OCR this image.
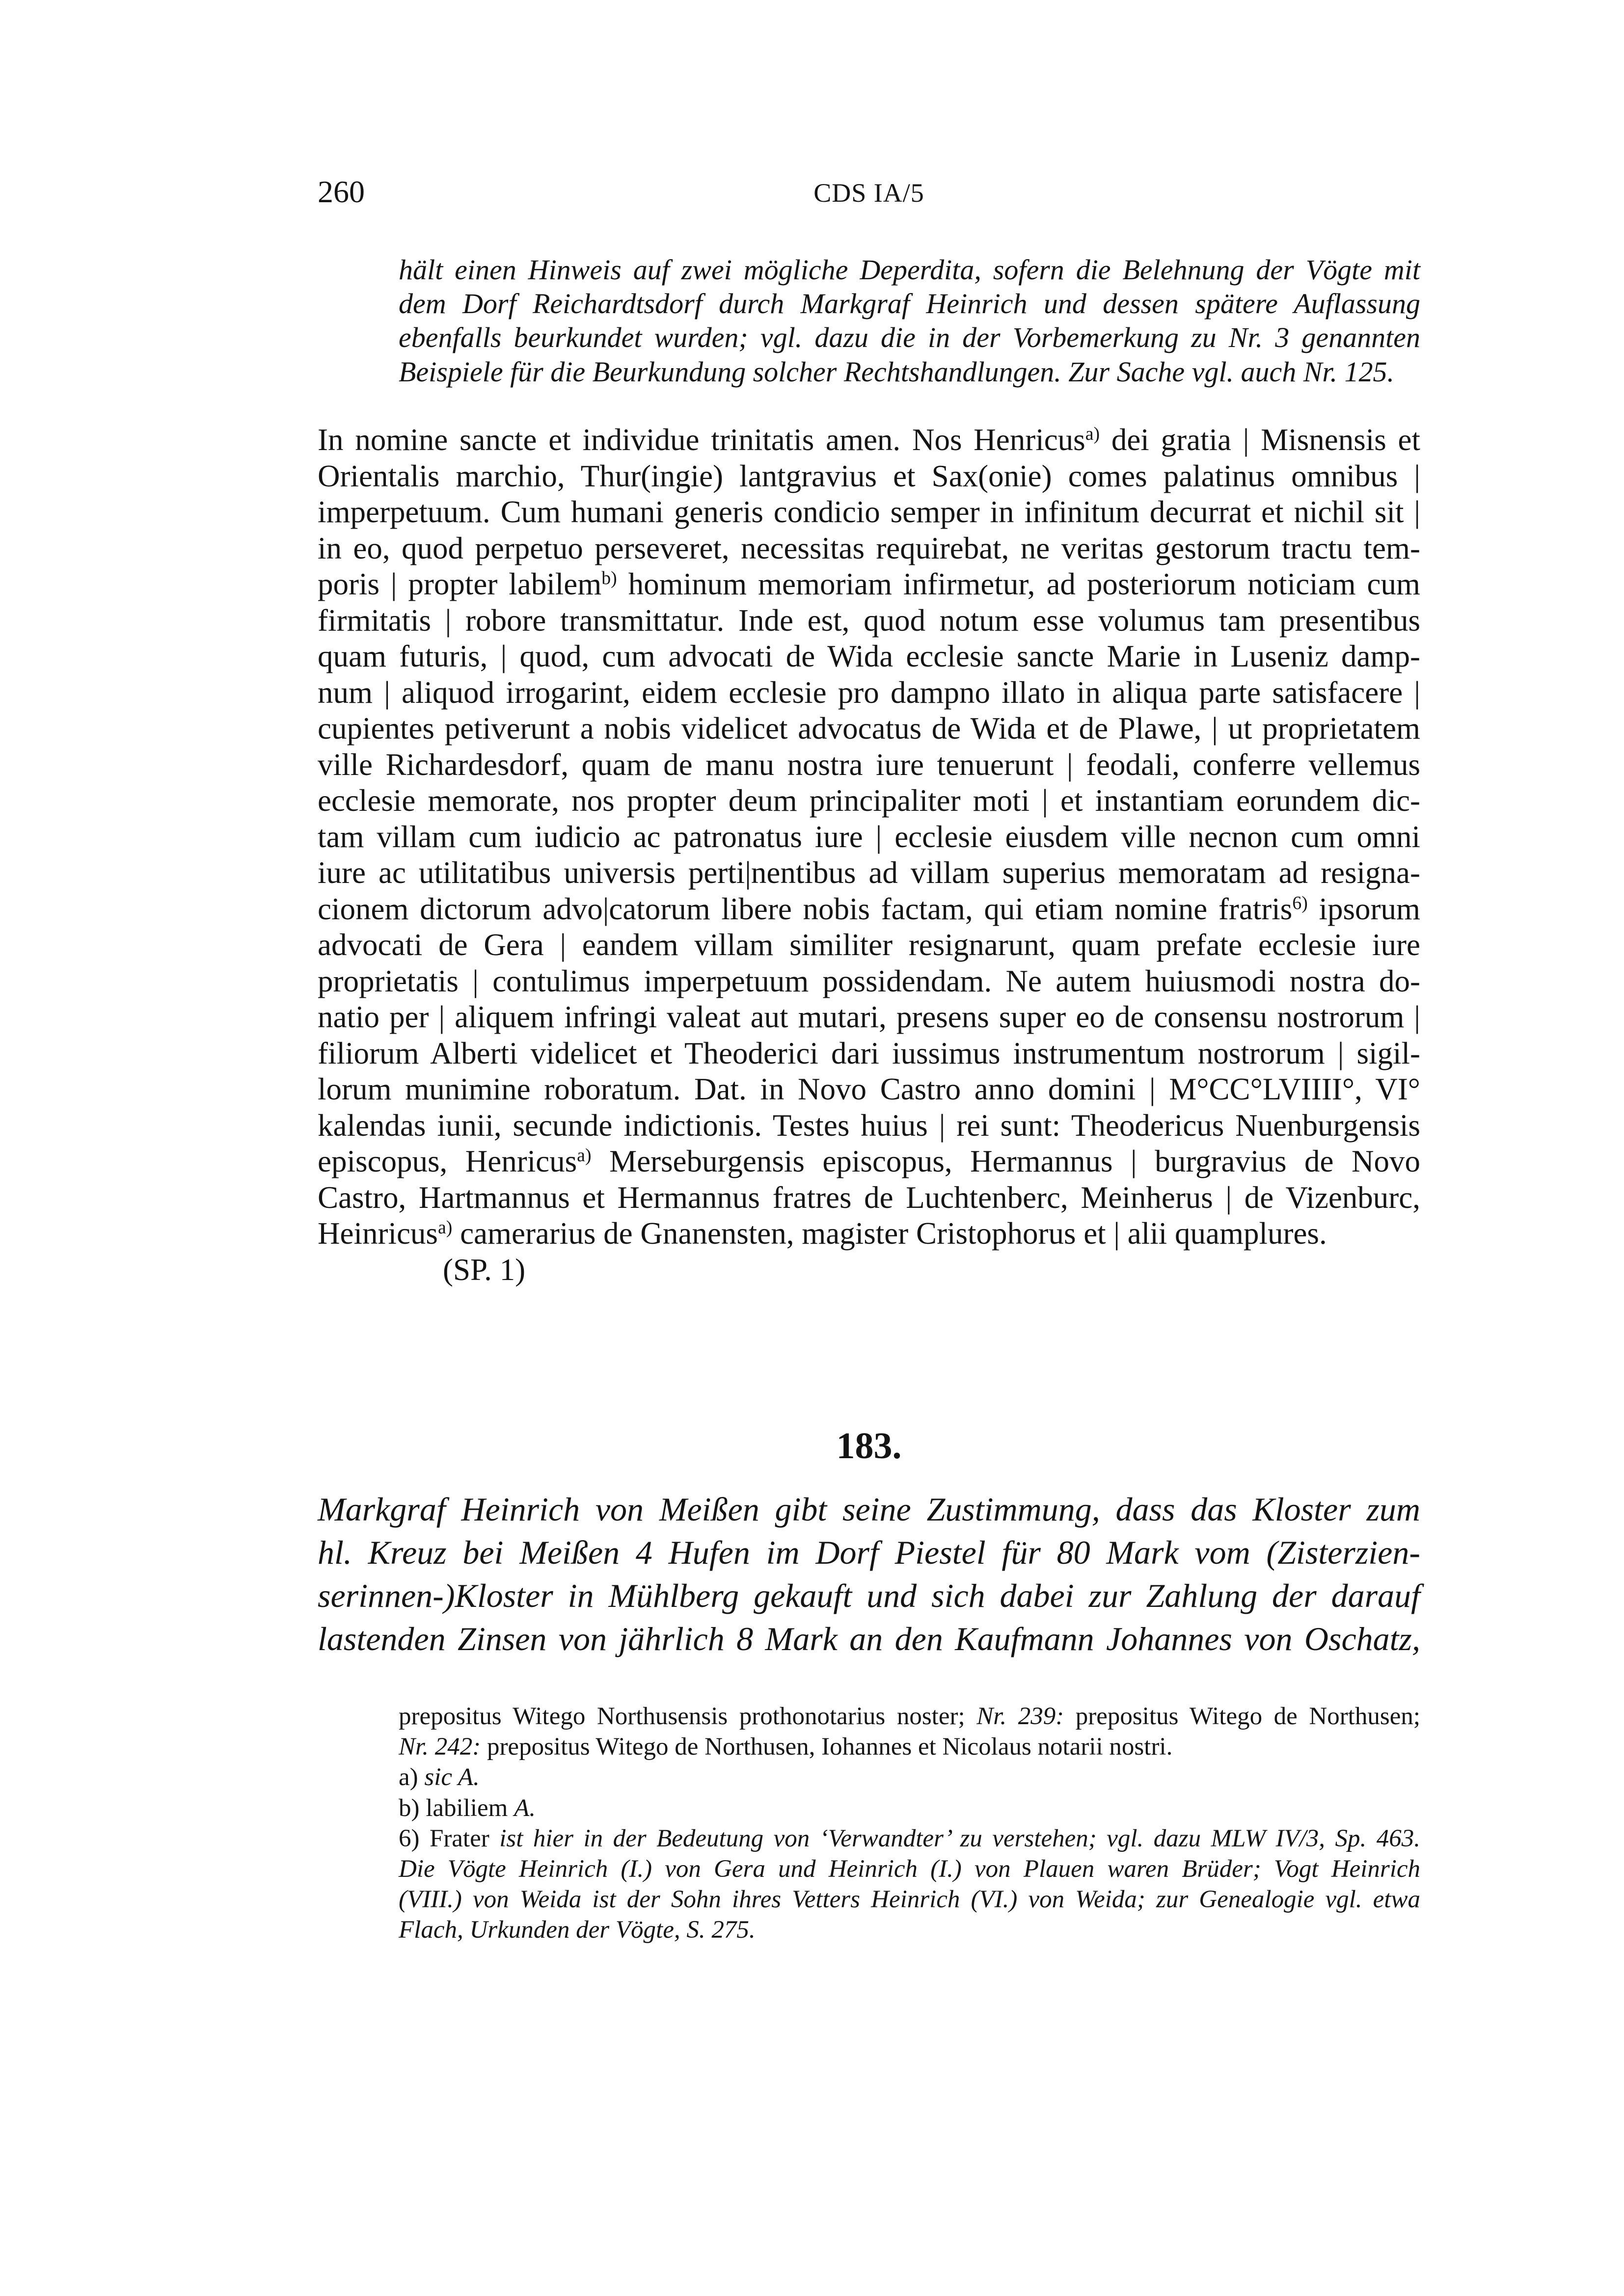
260	CDS IA/5
hält einen Hinweis auf zwei mögliche Deperdita, sofern die Belehnung der Vögte mit
dem Dorf Reichardtsdorf durch Markgraf Heinrich und dessen spätere Auflassung
ebenfalls beurkundet wurden; vgl. dazu die in der Vorbemerkung zu Nr. 3 genannten
Beispiele für die Beurkundung solcher Rechtshandlungen. Zur Sache vgl. auch Nr. 125.
In nomine sancte et individue trinitatis amen. Nos Henricus$^{a)}$ dei gratia | Misnensis et
Orientalis marchio, Thur(ingie) lantgravius et Sax(onie) comes palatinus omnibus |
imperpetuum. Cum humani generis condicio semper in infinitum decurrat et nichil sit |
in eo, quod perpetuo perseveret, necessitas requirebat, ne veritas gestorum tractu tem-
poris | propter labilem$^{b)}$ hominum memoriam infirmetur, ad posteriorum noticiam cum
firmitatis | robore transmittatur. Inde est, quod notum esse volumus tam presentibus
quam futuris, | quod, cum advocati de Wida ecclesie sancte Marie in Luseniz damp-
num | aliquod irrogarint, eidem ecclesie pro dampno illato in aliqua parte satisfacere |
cupientes petiverunt a nobis videlicet advocatus de Wida et de Plawe, | ut proprietatem
ville Richardesdorf, quam de manu nostra iure tenuerunt | feodali, conferre vellemus
ecclesie memorate, nos propter deum principaliter moti | et instantiam eorundem dic-
tam villam cum iudicio ac patronatus iure | ecclesie eiusdem ville necnon cum omni
iure ac utilitatibus universis perti|nentibus ad villam superius memoratam ad resigna-
cionem dictorum advo|catorum libere nobis factam, qui etiam nomine fratris$^{6)}$ ipsorum
advocati de Gera | eandem villam similiter resignarunt, quam prefate ecclesie iure
proprietatis | contulimus imperpetuum possidendam. Ne autem huiusmodi nostra do-
natio per | aliquem infringi valeat aut mutari, presens super eo de consensu nostrorum |
filiorum Alberti videlicet et Theoderici dari iussimus instrumentum nostrorum | sigil-
lorum munimine roboratum. Dat. in Novo Castro anno domini | M°CC°LVIIII°, VI°
kalendas iunii, secunde indictionis. Testes huius | rei sunt: Theodericus Nuenburgensis
episcopus, Henricus$^{a)}$ Merseburgensis episcopus, Hermannus | burgravius de Novo
Castro, Hartmannus et Hermannus fratres de Luchtenberc, Meinherus | de Vizenburc,
Heinricus$^{a)}$ camerarius de Gnanensten, magister Cristophorus et | alii quamplures.
(SP. 1)
183.
Markgraf Heinrich von Meißen gibt seine Zustimmung, dass das Kloster zum
hl. Kreuz bei Meißen 4 Hufen im Dorf Piestel für 80 Mark vom (Zisterzien-
serinnen-)Kloster in Mühlberg gekauft und sich dabei zur Zahlung der darauf
lastenden Zinsen von jährlich 8 Mark an den Kaufmann Johannes von Oschatz,
prepositus Witego Northusensis prothonotarius noster; Nr. 239: prepositus Witego de Northusen;
Nr. 242: prepositus Witego de Northusen, Iohannes et Nicolaus notarii nostri.
a) sic A.
b) labiliem A.
6) Frater ist hier in der Bedeutung von ‘Verwandter’ zu verstehen; vgl. dazu MLW IV/3, Sp. 463.
Die Vögte Heinrich (I.) von Gera und Heinrich (I.) von Plauen waren Brüder; Vogt Heinrich
(VIII.) von Weida ist der Sohn ihres Vetters Heinrich (VI.) von Weida; zur Genealogie vgl. etwa
Flach, Urkunden der Vögte, S. 275.
